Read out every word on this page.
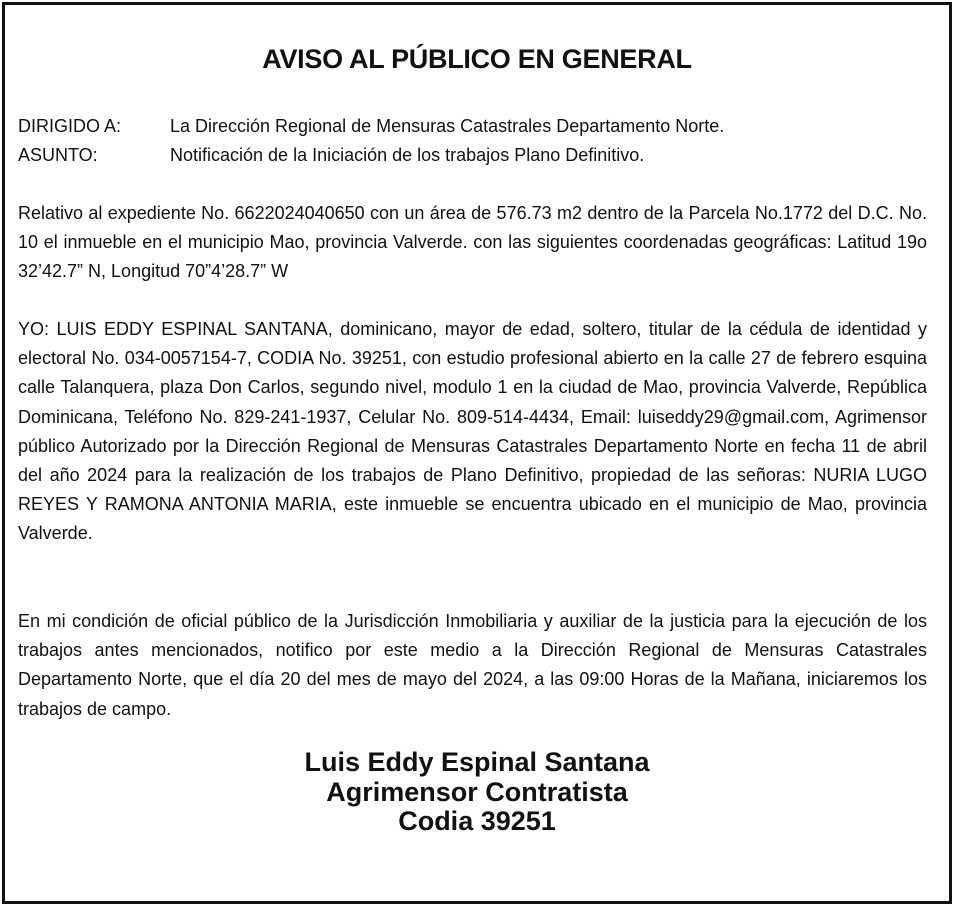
AVISO AL PÚBLICO EN GENERAL
DIRIGIDO A:	La Dirección Regional de Mensuras Catastrales Departamento Norte.
ASUNTO:	Notificación de la Iniciación de los trabajos Plano Definitivo.

Relativo al expediente No. 6622024040650 con un área de 576.73 m2 dentro de la Parcela No.1772 del D.C. No. 10 el inmueble en el municipio Mao, provincia Valverde. con las siguientes coordenadas geográficas: Latitud 19o 32’42.7” N, Longitud 70”4’28.7” W

YO: LUIS EDDY ESPINAL SANTANA, dominicano, mayor de edad, soltero, titular de la cédula de identidad y electoral No. 034-0057154-7, CODIA No. 39251, con estudio profesional abierto en la calle 27 de febrero esquina calle Talanquera, plaza Don Carlos, segundo nivel, modulo 1 en la ciudad de Mao, provincia Valverde, República Dominicana, Teléfono No. 829-241-1937, Celular No. 809-514-4434, Email: luiseddy29@gmail.com, Agrimensor público Autorizado por la Dirección Regional de Mensuras Catastrales Departamento Norte en fecha 11 de abril del año 2024 para la realización de los trabajos de Plano Definitivo, propiedad de las señoras: NURIA LUGO REYES Y RAMONA ANTONIA MARIA, este inmueble se encuentra ubicado en el municipio de Mao, provincia Valverde.

En mi condición de oficial público de la Jurisdicción Inmobiliaria y auxiliar de la justicia para la ejecución de los trabajos antes mencionados, notifico por este medio a la Dirección Regional de Mensuras Catastrales Departamento Norte, que el día 20 del mes de mayo del 2024, a las 09:00 Horas de la Mañana, iniciaremos los trabajos de campo.

Luis Eddy Espinal Santana
Agrimensor Contratista
Codia 39251
